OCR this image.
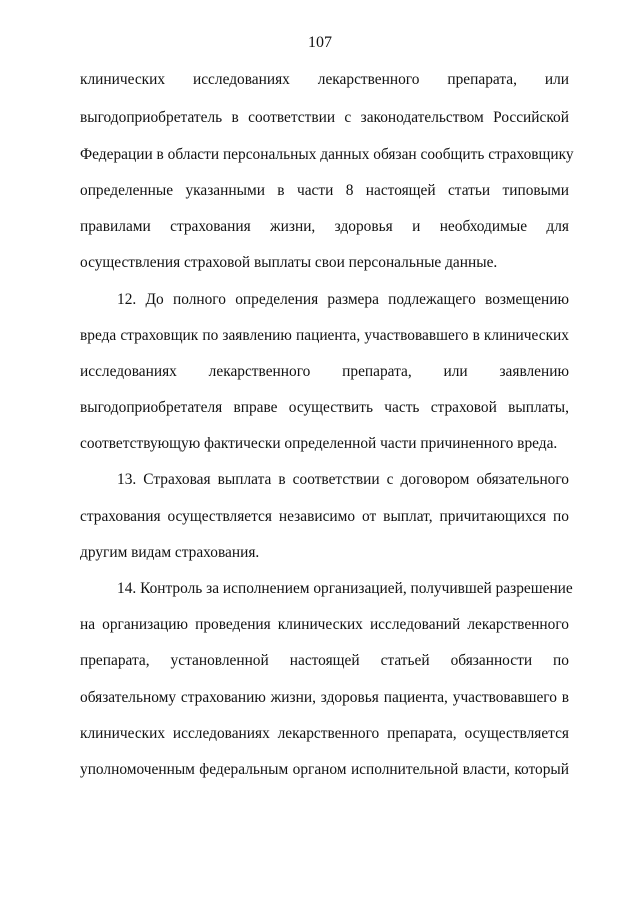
107
клинических исследованиях лекарственного препарата, или
выгодоприобретатель в соответствии с законодательством Российской
Федерации в области персональных данных обязан сообщить страховщику
определенные указанными в части 8 настоящей статьи типовыми
правилами страхования жизни, здоровья и необходимые для
осуществления страховой выплаты свои персональные данные.
12. До полного определения размера подлежащего возмещению
вреда страховщик по заявлению пациента, участвовавшего в клинических
исследованиях лекарственного препарата, или заявлению
выгодоприобретателя вправе осуществить часть страховой выплаты,
соответствующую фактически определенной части причиненного вреда.
13. Страховая выплата в соответствии с договором обязательного
страхования осуществляется независимо от выплат, причитающихся по
другим видам страхования.
14. Контроль за исполнением организацией, получившей разрешение
на организацию проведения клинических исследований лекарственного
препарата, установленной настоящей статьей обязанности по
обязательному страхованию жизни, здоровья пациента, участвовавшего в
клинических исследованиях лекарственного препарата, осуществляется
уполномоченным федеральным органом исполнительной власти, который
